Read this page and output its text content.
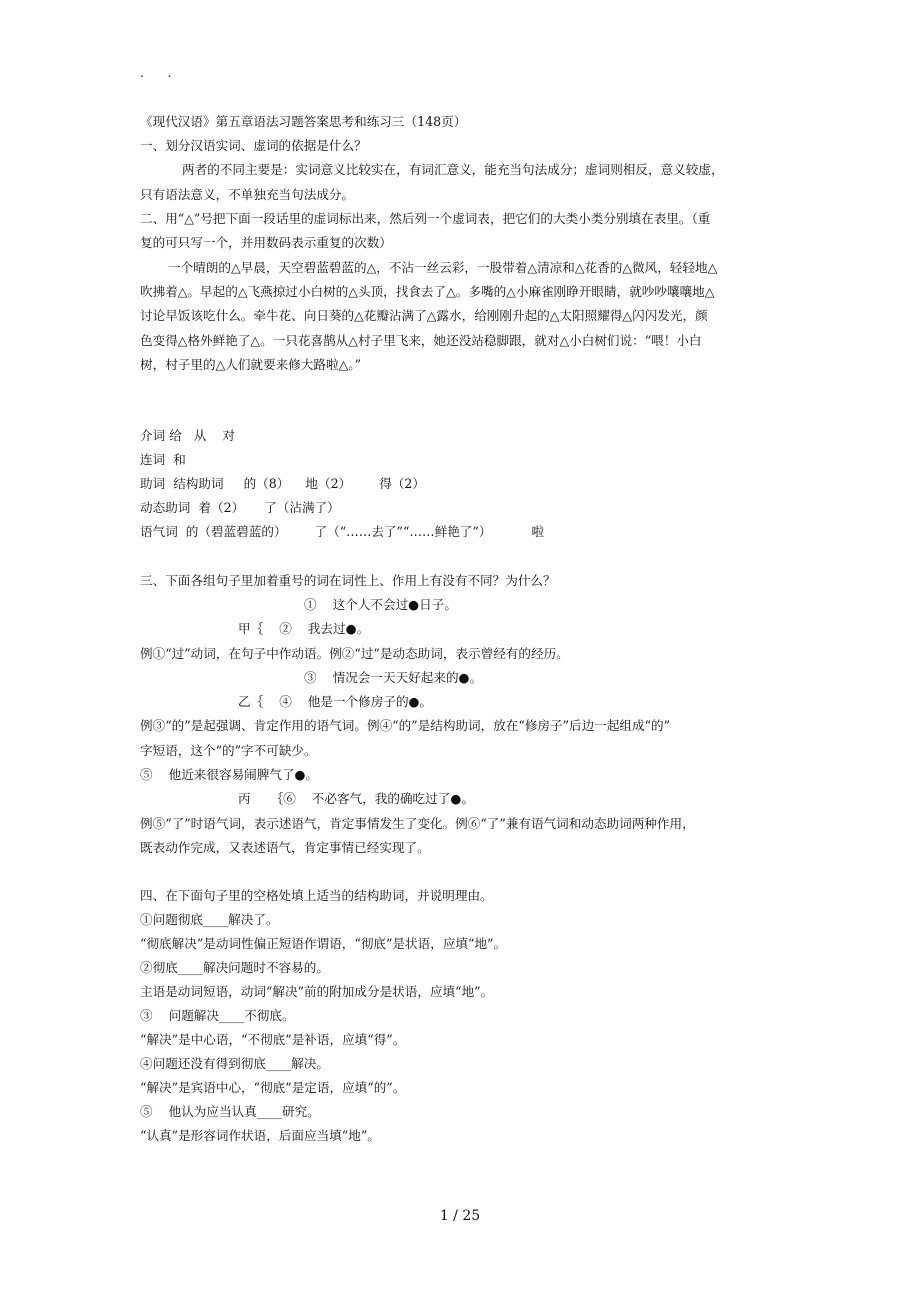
. .
《现代汉语》第五章语法习题答案思考和练习三（148页）
一、划分汉语实词、虚词的依据是什么？
两者的不同主要是：实词意义比较实在，有词汇意义，能充当句法成分；虚词则相反，意义较虚，
只有语法意义，不单独充当句法成分。
二、用“△”号把下面一段话里的虚词标出来，然后列一个虚词表，把它们的大类小类分别填在表里。（重
复的可只写一个，并用数码表示重复的次数）
一个晴朗的△早晨，天空碧蓝碧蓝的△，不沾一丝云彩，一股带着△清凉和△花香的△微风，轻轻地△
吹拂着△。早起的△飞燕掠过小白树的△头顶，找食去了△。多嘴的△小麻雀刚睁开眼睛，就吵吵嚷嚷地△
讨论早饭该吃什么。牵牛花、向日葵的△花瓣沾满了△露水，给刚刚升起的△太阳照耀得△闪闪发光，颜
色变得△格外鲜艳了△。一只花喜鹊从△村子里飞来，她还没站稳脚跟，就对△小白树们说：“喂！小白
树，村子里的△人们就要来修大路啦△。”
介词 给   从    对
连词  和
助词  结构助词     的（8）    地（2）       得（2）
动态助词  着（2）     了（沾满了）
语气词  的（碧蓝碧蓝的）       了（“……去了”“……鲜艳了”）          啦
三、下面各组句子里加着重号的词在词性上、作用上有没有不同？为什么？
①    这个人不会过●日子。
甲｛    ②    我去过●。
例①“过”动词，在句子中作动语。例②“过”是动态助词，表示曾经有的经历。
③    情况会一天天好起来的●。
乙｛    ④    他是一个修房子的●。
例③“的”是起强调、肯定作用的语气词。例④“的”是结构助词，放在“修房子”后边一起组成“的”
字短语，这个“的”字不可缺少。
⑤    他近来很容易闹脾气了●。
丙     ｛⑥    不必客气，我的确吃过了●。
例⑤“了”时语气词，表示述语气，肯定事情发生了变化。例⑥“了”兼有语气词和动态助词两种作用，
既表动作完成，又表述语气，肯定事情已经实现了。
四、在下面句子里的空格处填上适当的结构助词，并说明理由。
①问题彻底____解决了。
“彻底解决”是动词性偏正短语作谓语，“彻底”是状语，应填“地”。
②彻底____解决问题时不容易的。
主语是动词短语，动词“解决”前的附加成分是状语，应填“地”。
③    问题解决____不彻底。
“解决”是中心语，“不彻底”是补语，应填“得”。
④问题还没有得到彻底____解决。
“解决”是宾语中心，“彻底”是定语，应填“的”。
⑤    他认为应当认真____研究。
“认真”是形容词作状语，后面应当填“地”。
1 / 25
